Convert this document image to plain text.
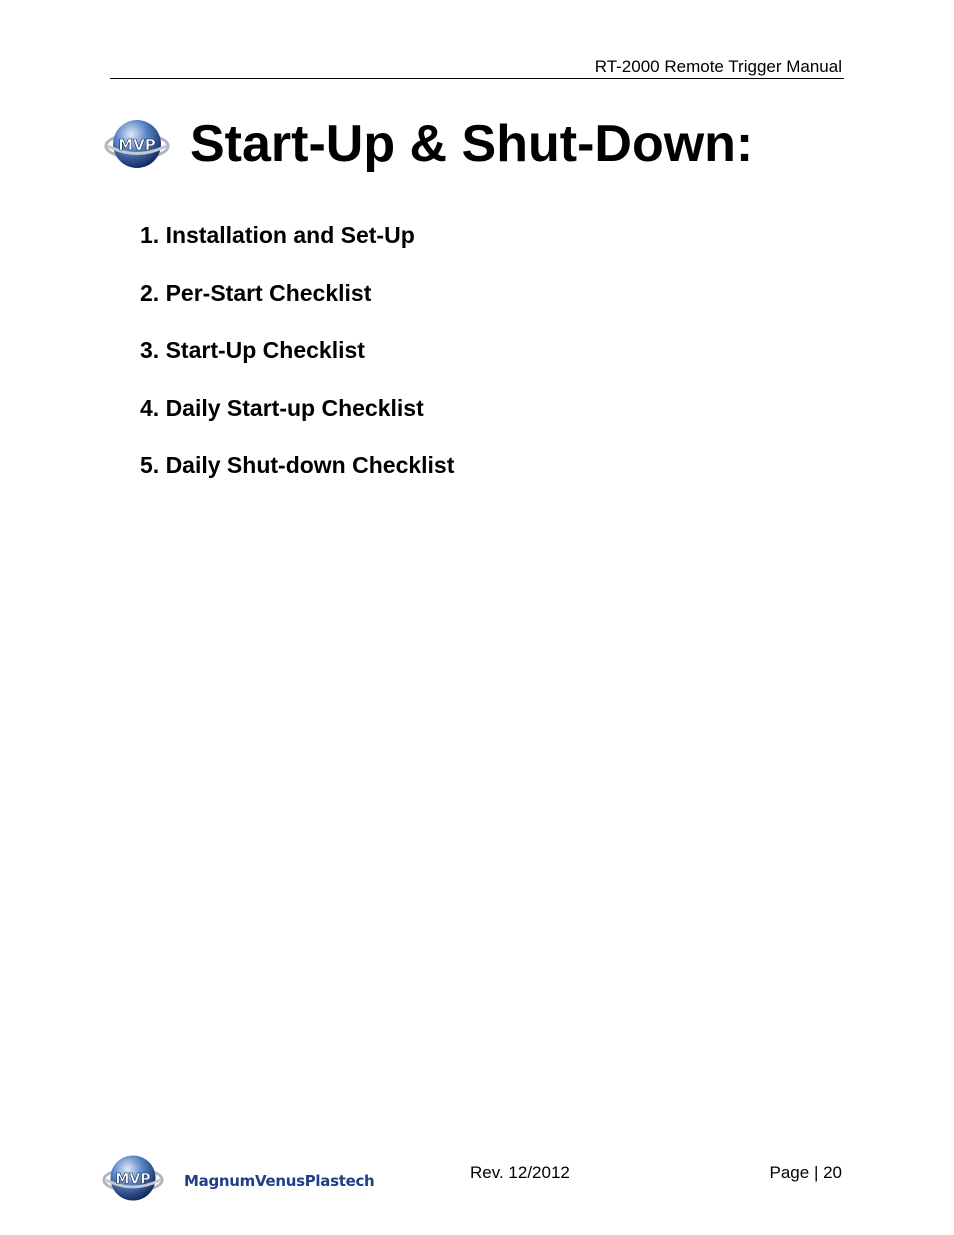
RT-2000 Remote Trigger Manual
MVP Start-Up & Shut-Down:
1. Installation and Set-Up
2. Per-Start Checklist
3. Start-Up Checklist
4. Daily Start-up Checklist
5. Daily Shut-down Checklist
MVP MagnumVenusPlastech	Rev. 12/2012	Page | 20
